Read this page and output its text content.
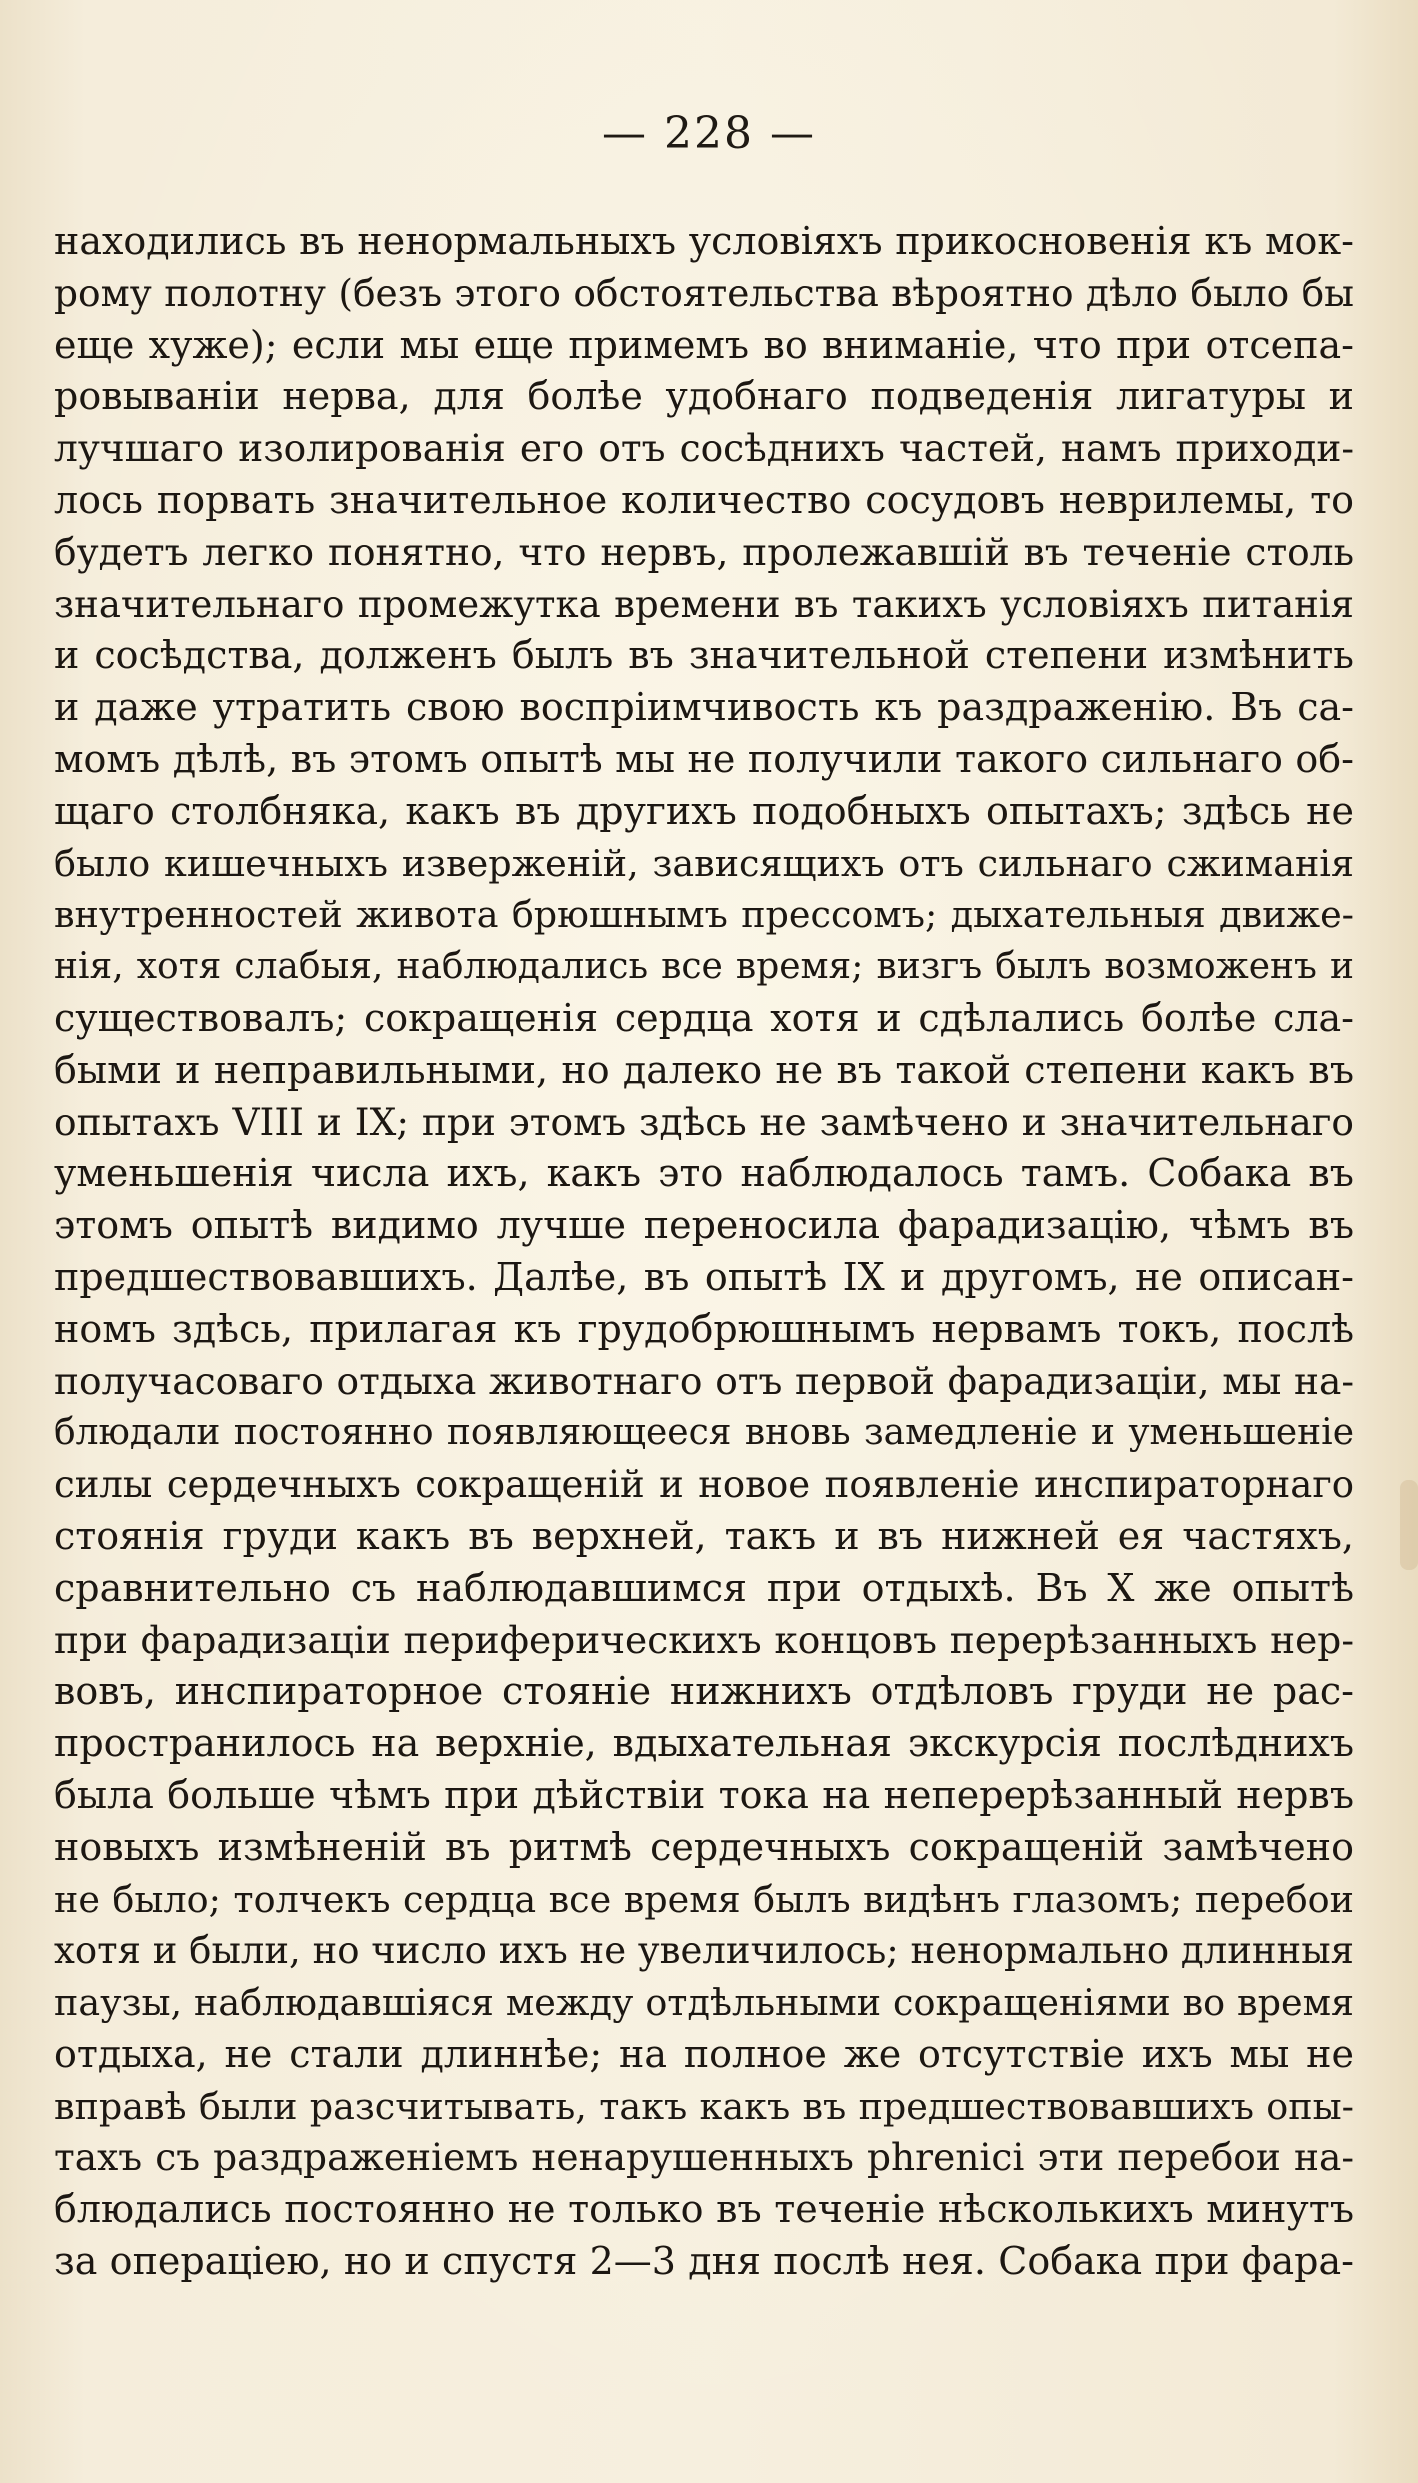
— 228 —
находились въ ненормальныхъ условіяхъ прикосновенія къ мок-
рому полотну (безъ этого обстоятельства вѣроятно дѣло было бы
еще хуже); если мы еще примемъ во вниманіе, что при отсепа-
ровываніи нерва, для болѣе удобнаго подведенія лигатуры и
лучшаго изолированія его отъ сосѣднихъ частей, намъ приходи-
лось порвать значительное количество сосудовъ неврилемы, то
будетъ легко понятно, что нервъ, пролежавшій въ теченіе столь
значительнаго промежутка времени въ такихъ условіяхъ питанія
и сосѣдства, долженъ былъ въ значительной степени измѣнить
и даже утратить свою воспріимчивость къ раздраженію. Въ са-
момъ дѣлѣ, въ этомъ опытѣ мы не получили такого сильнаго об-
щаго столбняка, какъ въ другихъ подобныхъ опытахъ; здѣсь не
было кишечныхъ изверженій, зависящихъ отъ сильнаго сжиманія
внутренностей живота брюшнымъ прессомъ; дыхательныя движе-
нія, хотя слабыя, наблюдались все время; визгъ былъ возможенъ и
существовалъ; сокращенія сердца хотя и сдѣлались болѣе сла-
быми и неправильными, но далеко не въ такой степени какъ въ
опытахъ VIII и IX; при этомъ здѣсь не замѣчено и значительнаго
уменьшенія числа ихъ, какъ это наблюдалось тамъ. Собака въ
этомъ опытѣ видимо лучше переносила фарадизацію, чѣмъ въ
предшествовавшихъ. Далѣе, въ опытѣ IX и другомъ, не описан-
номъ здѣсь, прилагая къ грудобрюшнымъ нервамъ токъ, послѣ
получасоваго отдыха животнаго отъ первой фарадизаціи, мы на-
блюдали постоянно появляющееся вновь замедленіе и уменьшеніе
силы сердечныхъ сокращеній и новое появленіе инспираторнаго
стоянія груди какъ въ верхней, такъ и въ нижней ея частяхъ,
сравнительно съ наблюдавшимся при отдыхѣ. Въ X же опытѣ
при фарадизаціи периферическихъ концовъ перерѣзанныхъ нер-
вовъ, инспираторное стояніе нижнихъ отдѣловъ груди не рас-
пространилось на верхніе, вдыхательная экскурсія послѣднихъ
была больше чѣмъ при дѣйствіи тока на неперерѣзанный нервъ
новыхъ измѣненій въ ритмѣ сердечныхъ сокращеній замѣчено
не было; толчекъ сердца все время былъ видѣнъ глазомъ; перебои
хотя и были, но число ихъ не увеличилось; ненормально длинныя
паузы, наблюдавшіяся между отдѣльными сокращеніями во время
отдыха, не стали длиннѣе; на полное же отсутствіе ихъ мы не
вправѣ были разсчитывать, такъ какъ въ предшествовавшихъ опы-
тахъ съ раздраженіемъ ненарушенныхъ phrenici эти перебои на-
блюдались постоянно не только въ теченіе нѣсколькихъ минутъ
за операціею, но и спустя 2—3 дня послѣ нея. Собака при фара-
